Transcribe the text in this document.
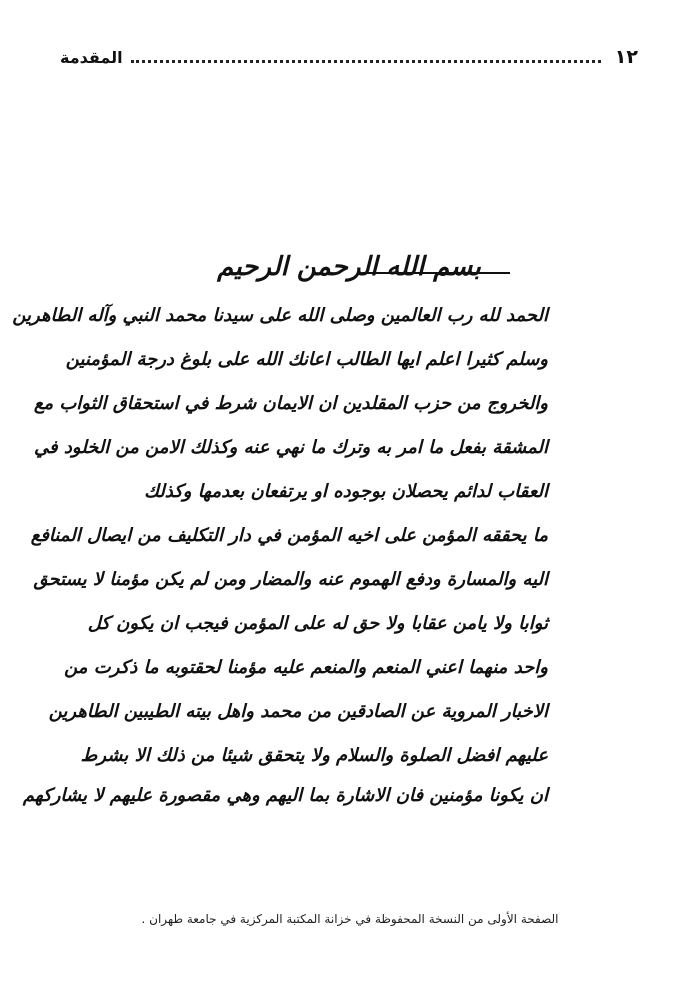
١٢
المقدمة
بسم الله الرحمن الرحيم
الحمد لله رب العالمين وصلى الله على سيدنا محمد النبي وآله الطاهرين
وسلم كثيرا اعلم ايها الطالب اعانك الله على بلوغ درجة المؤمنين
والخروج من حزب المقلدين ان الايمان شرط في استحقاق الثواب مع
المشقة بفعل ما امر به وترك ما نهي عنه وكذلك الامن من الخلود في
العقاب لدائم يحصلان بوجوده او يرتفعان بعدمها وكذلك
ما يحققه المؤمن على اخيه المؤمن في دار التكليف من ايصال المنافع
اليه والمسارة ودفع الهموم عنه والمضار ومن لم يكن مؤمنا لا يستحق
ثوابا ولا يامن عقابا ولا حق له على المؤمن فيجب ان يكون كل
واحد منهما اعني المنعم والمنعم عليه مؤمنا لحقتوبه ما ذكرت من
الاخبار المروية عن الصادقين من محمد واهل بيته الطيبين الطاهرين
عليهم افضل الصلوة والسلام ولا يتحقق شيئا من ذلك الا بشرط
ان يكونا مؤمنين فان الاشارة بما اليهم وهي مقصورة عليهم لا يشاركهم
الصفحة الأولى من النسخة المحفوظة في خزانة المكتبة المركزية في جامعة طهران .
